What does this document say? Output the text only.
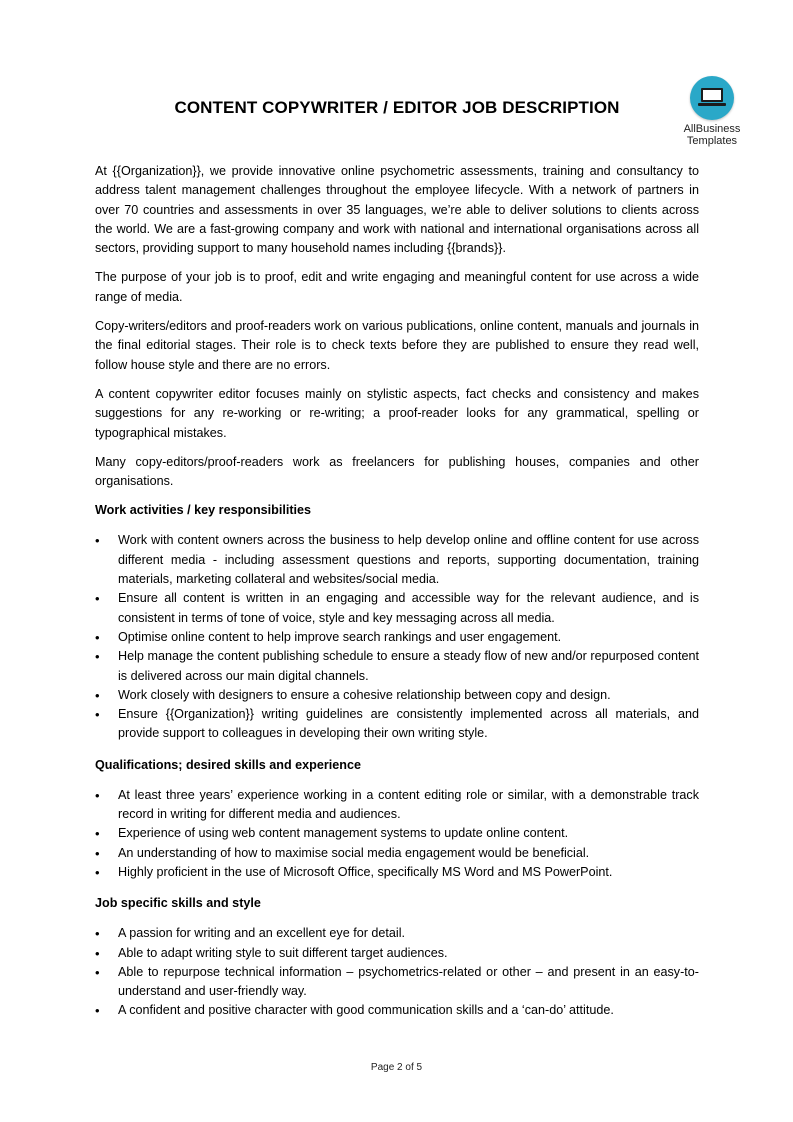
AllBusiness
Templates
CONTENT COPYWRITER / EDITOR JOB DESCRIPTION

At {{Organization}}, we provide innovative online psychometric assessments, training and consultancy to address talent management challenges throughout the employee lifecycle. With a network of partners in over 70 countries and assessments in over 35 languages, we’re able to deliver solutions to clients across the world. We are a fast-growing company and work with national and international organisations across all sectors, providing support to many household names including {{brands}}.

The purpose of your job is to proof, edit and write engaging and meaningful content for use across a wide range of media.

Copy-writers/editors and proof-readers work on various publications, online content, manuals and journals in the final editorial stages. Their role is to check texts before they are published to ensure they read well, follow house style and there are no errors.

A content copywriter editor focuses mainly on stylistic aspects, fact checks and consistency and makes suggestions for any re-working or re-writing; a proof-reader looks for any grammatical, spelling or typographical mistakes.

Many copy-editors/proof-readers work as freelancers for publishing houses, companies and other organisations.

Work activities / key responsibilities
• Work with content owners across the business to help develop online and offline content for use across different media - including assessment questions and reports, supporting documentation, training materials, marketing collateral and websites/social media.
• Ensure all content is written in an engaging and accessible way for the relevant audience, and is consistent in terms of tone of voice, style and key messaging across all media.
• Optimise online content to help improve search rankings and user engagement.
• Help manage the content publishing schedule to ensure a steady flow of new and/or repurposed content is delivered across our main digital channels.
• Work closely with designers to ensure a cohesive relationship between copy and design.
• Ensure {{Organization}} writing guidelines are consistently implemented across all materials, and provide support to colleagues in developing their own writing style.
Qualifications; desired skills and experience
• At least three years’ experience working in a content editing role or similar, with a demonstrable track record in writing for different media and audiences.
• Experience of using web content management systems to update online content.
• An understanding of how to maximise social media engagement would be beneficial.
• Highly proficient in the use of Microsoft Office, specifically MS Word and MS PowerPoint.
Job specific skills and style
• A passion for writing and an excellent eye for detail.
• Able to adapt writing style to suit different target audiences.
• Able to repurpose technical information – psychometrics-related or other – and present in an easy-to-understand and user-friendly way.
• A confident and positive character with good communication skills and a ‘can-do’ attitude.
Page 2 of 5
